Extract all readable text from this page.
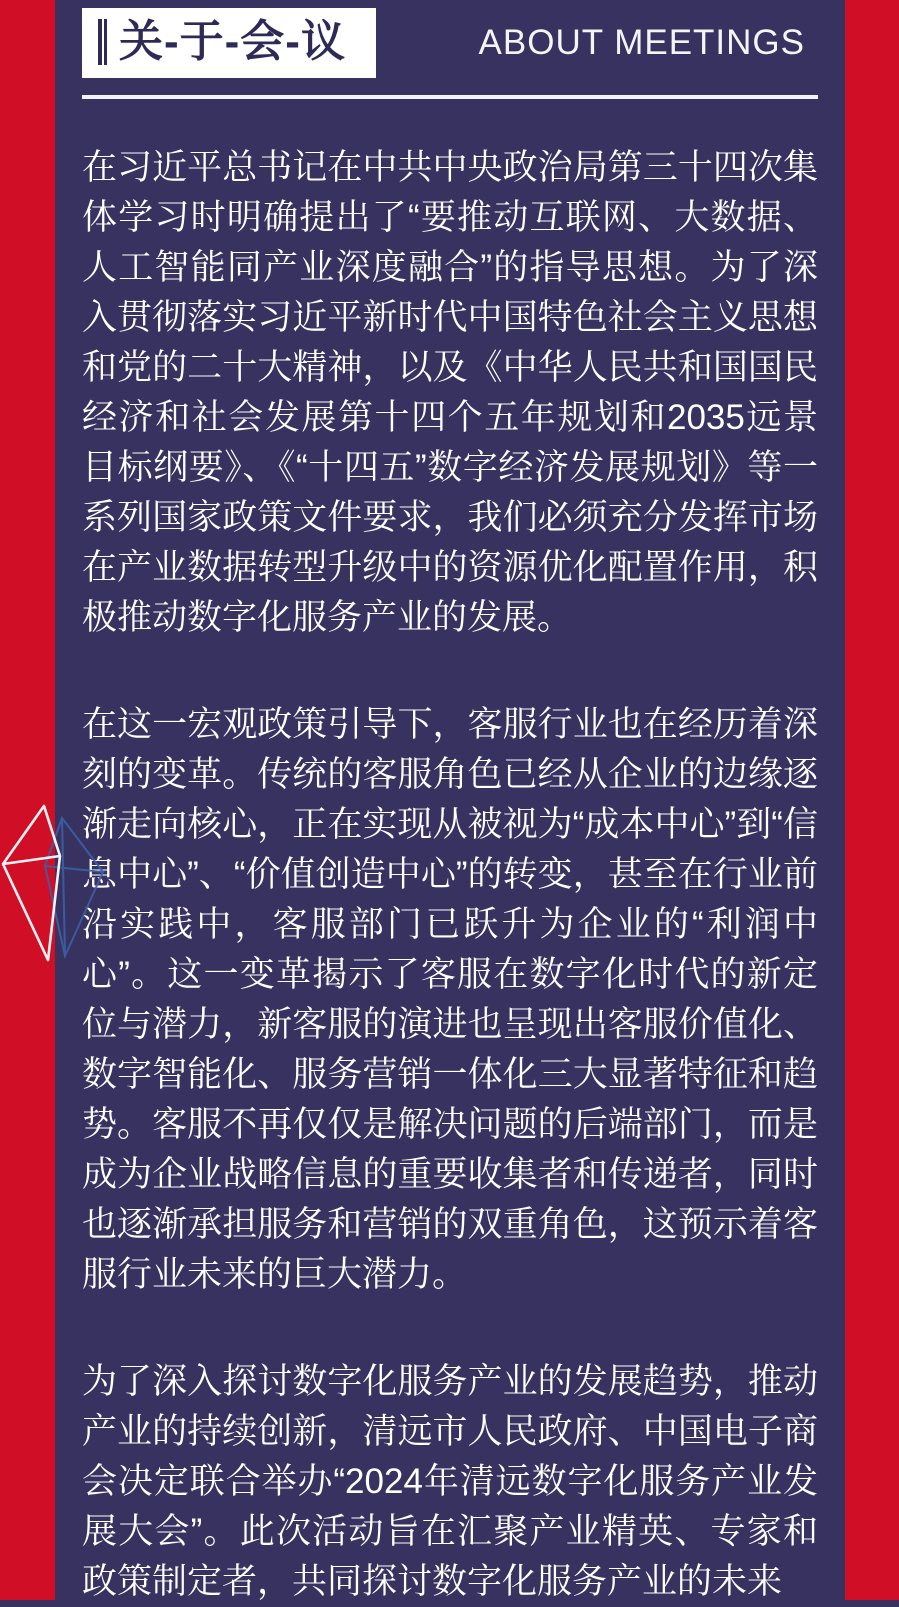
关-于-会-议	ABOUT MEETINGS

在习近平总书记在中共中央政治局第三十四次集体学习时明确提出了“要推动互联网、大数据、人工智能同产业深度融合”的指导思想。为了深入贯彻落实习近平新时代中国特色社会主义思想和党的二十大精神，以及《中华人民共和国国民经济和社会发展第十四个五年规划和2035远景目标纲要》、《“十四五”数字经济发展规划》等一系列国家政策文件要求，我们必须充分发挥市场在产业数据转型升级中的资源优化配置作用，积极推动数字化服务产业的发展。

在这一宏观政策引导下，客服行业也在经历着深刻的变革。传统的客服角色已经从企业的边缘逐渐走向核心，正在实现从被视为“成本中心”到“信息中心”、“价值创造中心”的转变，甚至在行业前沿实践中，客服部门已跃升为企业的“利润中心”。这一变革揭示了客服在数字化时代的新定位与潜力，新客服的演进也呈现出客服价值化、数字智能化、服务营销一体化三大显著特征和趋势。客服不再仅仅是解决问题的后端部门，而是成为企业战略信息的重要收集者和传递者，同时也逐渐承担服务和营销的双重角色，这预示着客服行业未来的巨大潜力。

为了深入探讨数字化服务产业的发展趋势，推动产业的持续创新，清远市人民政府、中国电子商会决定联合举办“2024年清远数字化服务产业发展大会”。此次活动旨在汇聚产业精英、专家和政策制定者，共同探讨数字化服务产业的未来
